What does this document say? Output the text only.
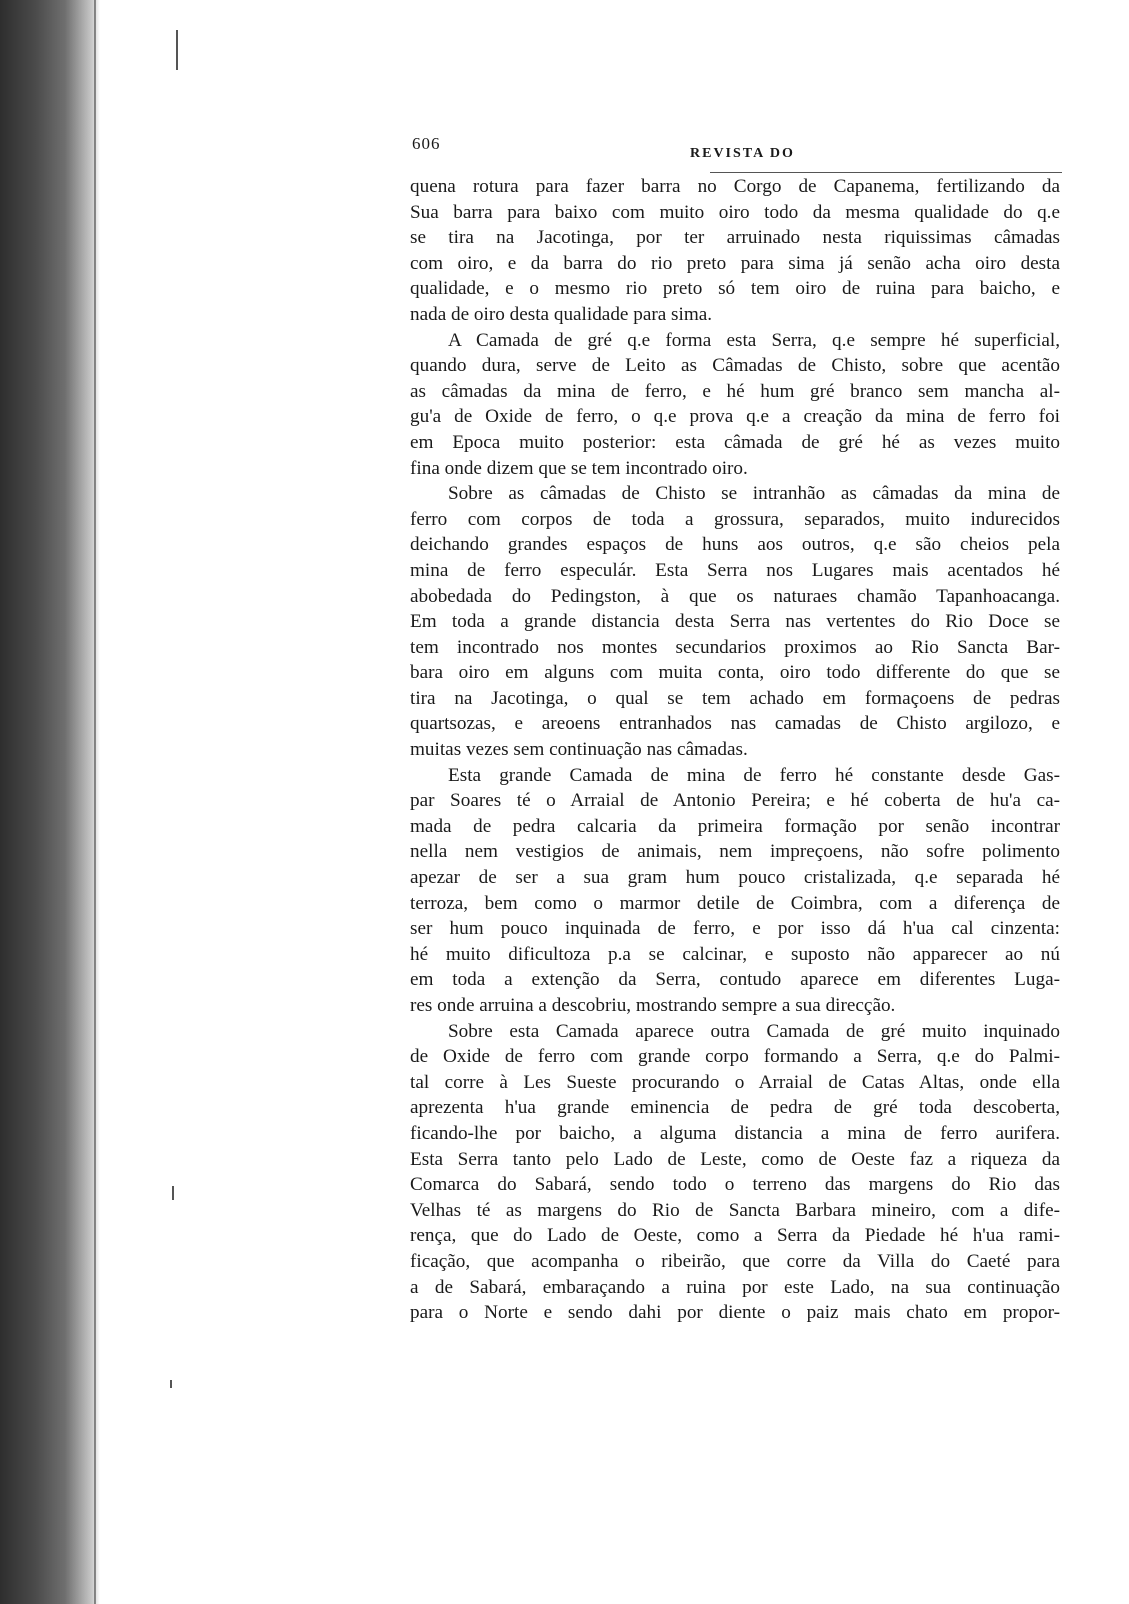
606
REVISTA DO

quena rotura para fazer barra no Corgo de Capanema, fertilizando da

Sua barra para baixo com muito oiro todo da mesma qualidade do q.e

se tira na Jacotinga, por ter arruinado nesta riquissimas câmadas

com oiro, e da barra do rio preto para sima já senão acha oiro desta

qualidade, e o mesmo rio preto só tem oiro de ruina para baicho, e

nada de oiro desta qualidade para sima.

A Camada de gré q.e forma esta Serra, q.e sempre hé superficial,

quando dura, serve de Leito as Câmadas de Chisto, sobre que acentão

as câmadas da mina de ferro, e hé hum gré branco sem mancha al-

gu'a de Oxide de ferro, o q.e prova q.e a creação da mina de ferro foi

em Epoca muito posterior: esta câmada de gré hé as vezes muito

fina onde dizem que se tem incontrado oiro.

Sobre as câmadas de Chisto se intranhão as câmadas da mina de

ferro com corpos de toda a grossura, separados, muito indurecidos

deichando grandes espaços de huns aos outros, q.e são cheios pela

mina de ferro especulár. Esta Serra nos Lugares mais acentados hé

abobedada do Pedingston, à que os naturaes chamão Tapanhoacanga.

Em toda a grande distancia desta Serra nas vertentes do Rio Doce se

tem incontrado nos montes secundarios proximos ao Rio Sancta Bar-

bara oiro em alguns com muita conta, oiro todo differente do que se

tira na Jacotinga, o qual se tem achado em formaçoens de pedras

quartsozas, e areoens entranhados nas camadas de Chisto argilozo, e

muitas vezes sem continuação nas câmadas.

Esta grande Camada de mina de ferro hé constante desde Gas-

par Soares té o Arraial de Antonio Pereira; e hé coberta de hu'a ca-

mada de pedra calcaria da primeira formação por senão incontrar

nella nem vestigios de animais, nem impreçoens, não sofre polimento

apezar de ser a sua gram hum pouco cristalizada, q.e separada hé

terroza, bem como o marmor detile de Coimbra, com a diferença de

ser hum pouco inquinada de ferro, e por isso dá h'ua cal cinzenta:

hé muito dificultoza p.a se calcinar, e suposto não apparecer ao nú

em toda a extenção da Serra, contudo aparece em diferentes Luga-

res onde arruina a descobriu, mostrando sempre a sua direcção.

Sobre esta Camada aparece outra Camada de gré muito inquinado

de Oxide de ferro com grande corpo formando a Serra, q.e do Palmi-

tal corre à Les Sueste procurando o Arraial de Catas Altas, onde ella

aprezenta h'ua grande eminencia de pedra de gré toda descoberta,

ficando-lhe por baicho, a alguma distancia a mina de ferro aurifera.

Esta Serra tanto pelo Lado de Leste, como de Oeste faz a riqueza da

Comarca do Sabará, sendo todo o terreno das margens do Rio das

Velhas té as margens do Rio de Sancta Barbara mineiro, com a dife-

rença, que do Lado de Oeste, como a Serra da Piedade hé h'ua rami-

ficação, que acompanha o ribeirão, que corre da Villa do Caeté para

a de Sabará, embaraçando a ruina por este Lado, na sua continuação

para o Norte e sendo dahi por diente o paiz mais chato em propor-
